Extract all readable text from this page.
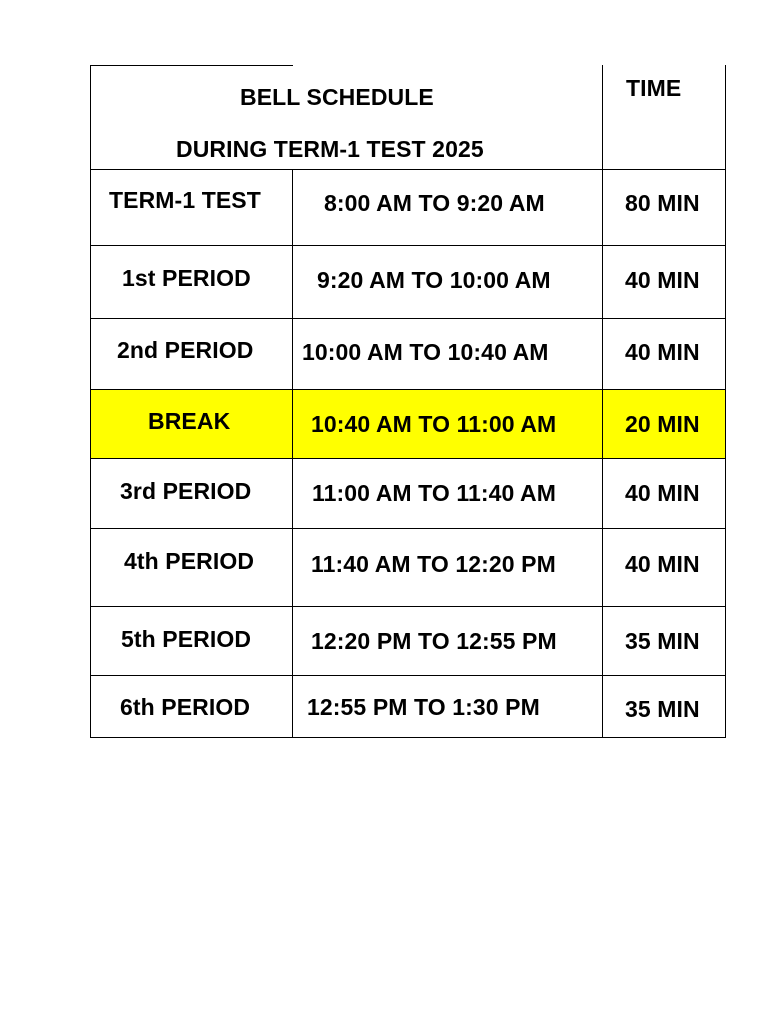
BELL SCHEDULE
DURING TERM-1 TEST 2025
TIME
TERM-1 TEST	8:00 AM TO 9:20 AM	80 MIN
1st PERIOD	9:20 AM TO 10:00 AM	40 MIN
2nd PERIOD 10:00 AM TO 10:40 AM	40 MIN
BREAK	10:40 AM TO 11:00 AM	20 MIN
3rd PERIOD	11:00 AM TO 11:40 AM	40 MIN
4th PERIOD 11:40 AM TO 12:20 PM	40 MIN
5th PERIOD	12:20 PM TO 12:55 PM	35 MIN
6th PERIOD 12:55 PM TO 1:30 PM	35 MIN
